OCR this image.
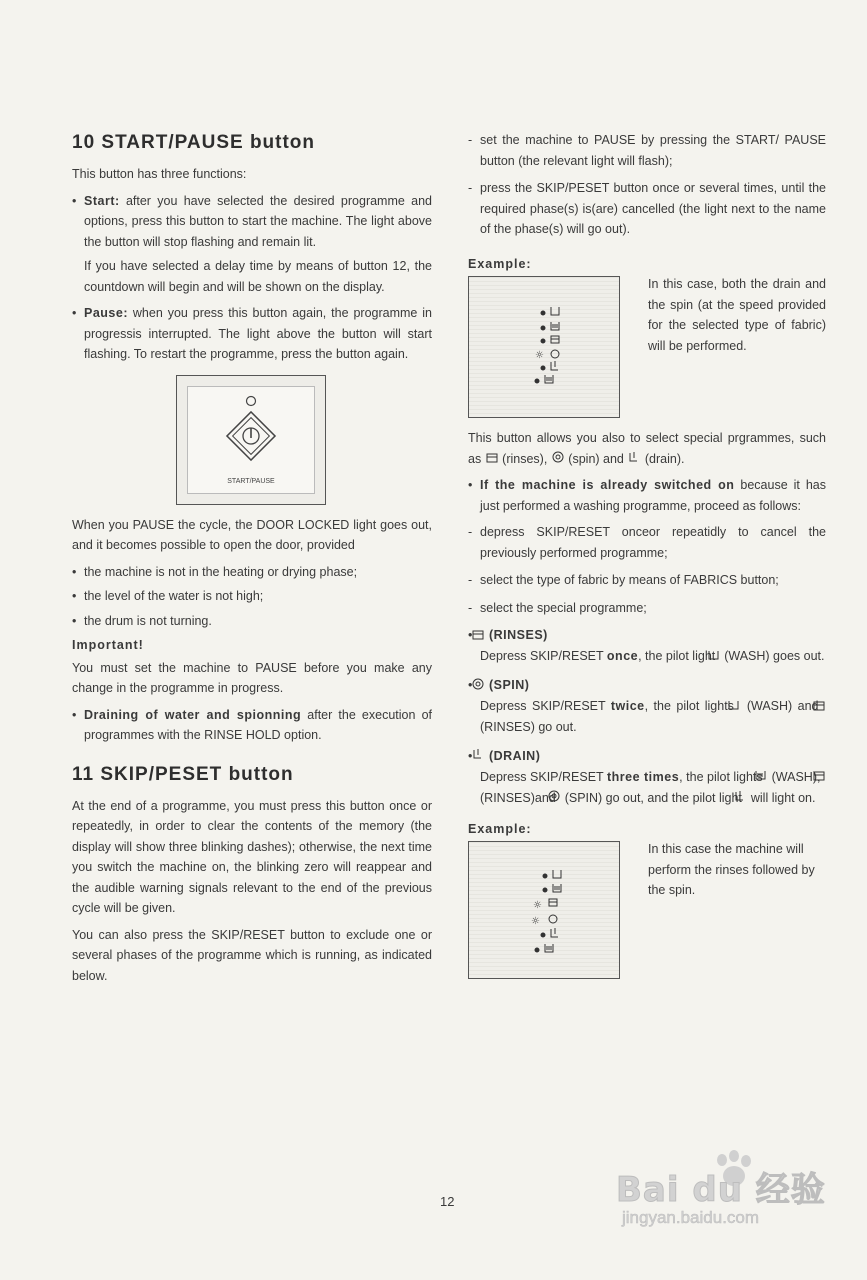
10 START/PAUSE button

This button has three functions:

• Start: after you have selected the desired programme and options, press this button to start the machine. The light above the button will stop flashing and remain lit.

If you have selected a delay time by means of button 12, the countdown will begin and will be shown on the display.

• Pause: when you press this button again, the programme in progressis interrupted. The light above the button will start flashing. To restart the programme, press the button again.
START/PAUSE

When you PAUSE the cycle, the DOOR LOCKED light goes out, and it becomes possible to open the door, provided

• the machine is not in the heating or drying phase;
• the level of the water is not high;
• the drum is not turning.
Important!

You must set the machine to PAUSE before you make any change in the programme in progress.

• Draining of water and spionning after the execution of programmes with the RINSE HOLD option.
11 SKIP/PESET button

At the end of a programme, you must press this button once or repeatedly, in order to clear the contents of the memory (the display will show three blinking dashes); otherwise, the next time you switch the machine on, the blinking zero will reappear and the audible warning signals relevant to the end of the previous cycle will be given.

You can also press the SKIP/RESET button to exclude one or several phases of the programme which is running, as indicated below.

- set the machine to PAUSE by pressing the START/ PAUSE button (the relevant light will flash);
- press the SKIP/PESET button once or several times, until the required phase(s) is(are) cancelled (the light next to the name of the phase(s) will go out).
Example:
☼
In this case, both the drain and the spin (at the speed provided for the selected type of fabric) will be performed.

This button allows you also to select special prgrammes, such as (rinses), (spin) and (drain).

• If the machine is already switched on because it has just performed a washing programme, proceed as follows:
- depress SKIP/RESET onceor repeatidly to cancel the previously performed programme;
- select the type of fabric by means of FABRICS button;
- select the special programme;
• (RINSES)
Depress SKIP/RESET once, the pilot light (WASH) goes out.
• (SPIN)
Depress SKIP/RESET twice, the pilot lights (WASH) and  (RINSES) go out.
• (DRAIN)
Depress SKIP/RESET three times, the pilot lights (WASH),  (RINSES)and (SPIN) go out, and the pilot light will light on.
Example:
☼
☼
In this case the machine will perform the rinses followed by the spin.
12	Bai du 经验
jingyan.baidu.com
